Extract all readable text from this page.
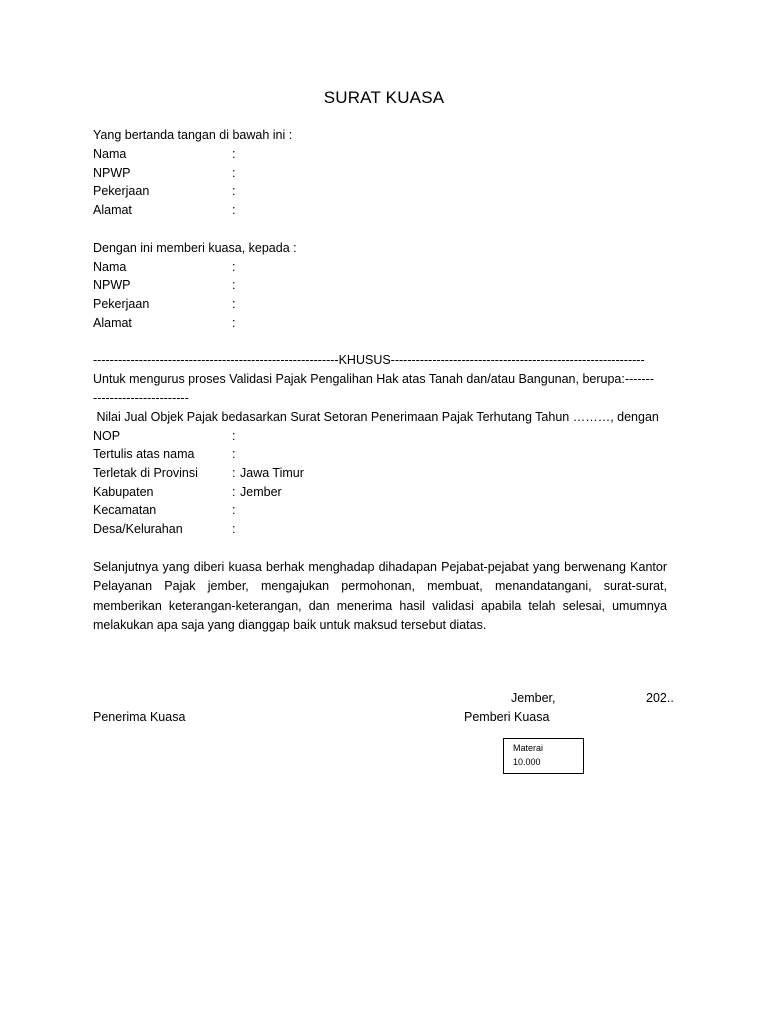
SURAT KUASA
Yang bertanda tangan di bawah ini :
Nama	:
NPWP	:
Pekerjaan	:
Alamat	:
Dengan ini memberi kuasa, kepada :
Nama	:
NPWP	:
Pekerjaan	:
Alamat	:
-----------------------------------------------------------KHUSUS-------------------------------------------------------------
Untuk mengurus proses Validasi Pajak Pengalihan Hak atas Tanah dan/atau Bangunan, berupa:-------
-----------------------
Nilai Jual Objek Pajak bedasarkan Surat Setoran Penerimaan Pajak Terhutang Tahun ………, dengan
NOP	:
Tertulis atas nama	:
Terletak di Provinsi	: Jawa Timur
Kabupaten	: Jember
Kecamatan	:
Desa/Kelurahan	:
Selanjutnya yang diberi kuasa berhak menghadap dihadapan Pejabat-pejabat yang berwenang Kantor Pelayanan Pajak jember, mengajukan permohonan, membuat, menandatangani, surat-surat, memberikan keterangan-keterangan, dan menerima hasil validasi apabila telah selesai, umumnya melakukan apa saja yang dianggap baik untuk maksud tersebut diatas.
Jember,	202..
Penerima Kuasa	Pemberi Kuasa
Materai
10.000
